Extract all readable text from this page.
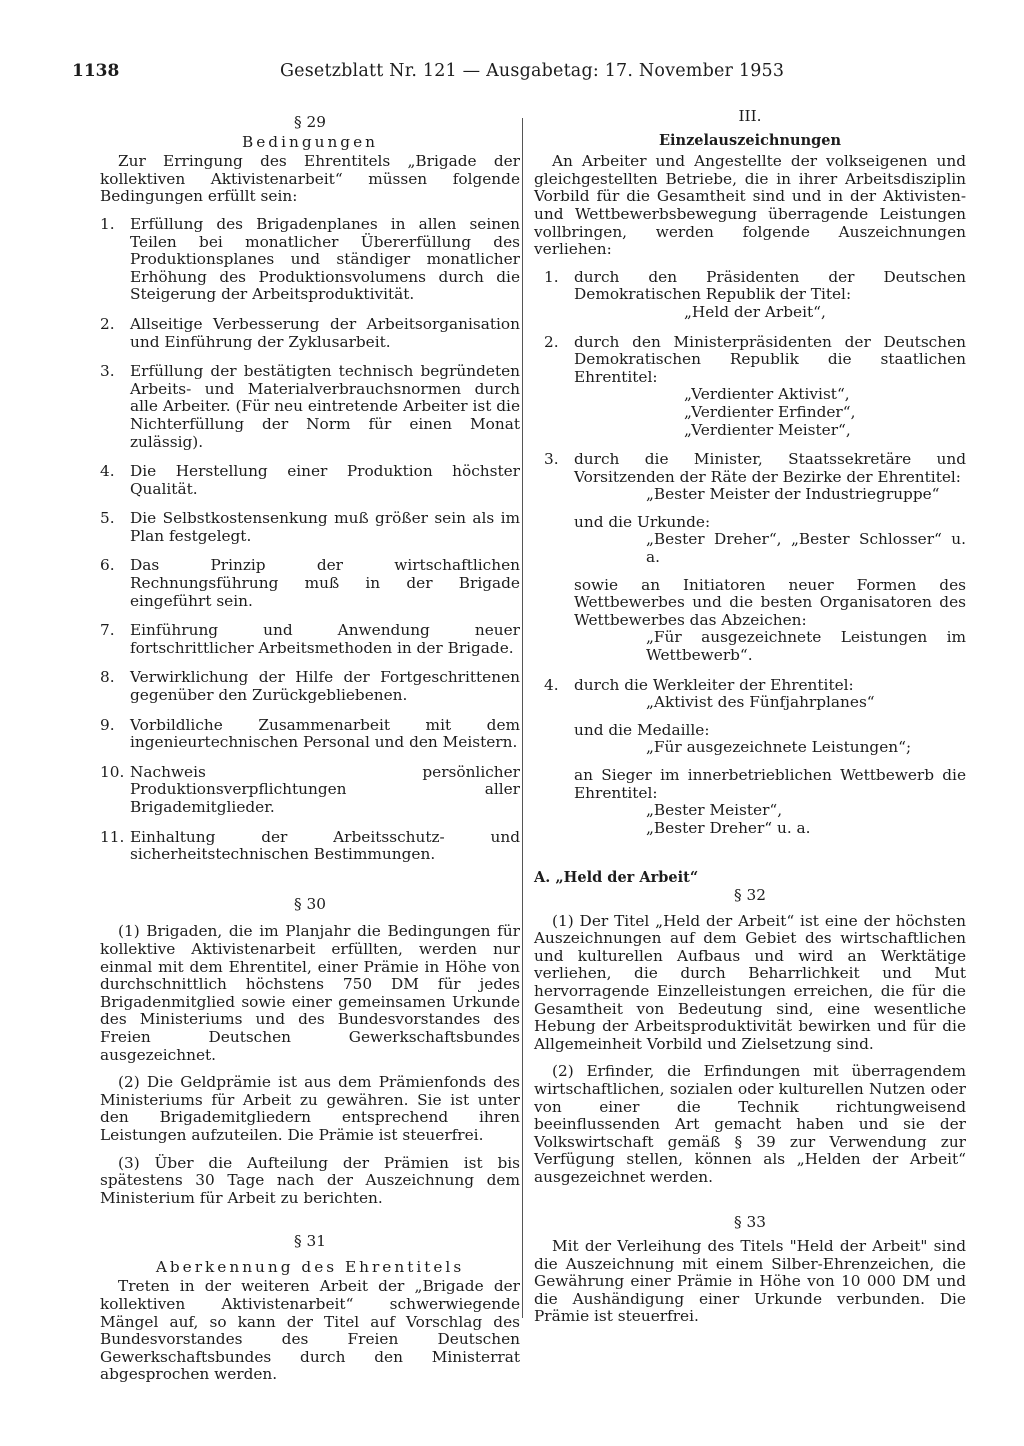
1138	Gesetzblatt Nr. 121 — Ausgabetag: 17. November 1953
§ 29
Bedingungen

Zur Erringung des Ehrentitels „Brigade der kollektiven Aktivistenarbeit“ müssen folgende Bedingungen erfüllt sein:

1. Erfüllung des Brigadenplanes in allen seinen Teilen bei monatlicher Übererfüllung des Produktionsplanes und ständiger monatlicher Erhöhung des Produktionsvolumens durch die Steigerung der Arbeitsproduktivität.
2. Allseitige Verbesserung der Arbeitsorganisation und Einführung der Zyklusarbeit.
3. Erfüllung der bestätigten technisch begründeten Arbeits- und Materialverbrauchsnormen durch alle Arbeiter. (Für neu eintretende Arbeiter ist die Nichterfüllung der Norm für einen Monat zulässig).
4. Die Herstellung einer Produktion höchster Qualität.
5. Die Selbstkostensenkung muß größer sein als im Plan festgelegt.
6. Das Prinzip der wirtschaftlichen Rechnungsführung muß in der Brigade eingeführt sein.
7. Einführung und Anwendung neuer fortschrittlicher Arbeitsmethoden in der Brigade.
8. Verwirklichung der Hilfe der Fortgeschrittenen gegenüber den Zurückgebliebenen.
9. Vorbildliche Zusammenarbeit mit dem ingenieurtechnischen Personal und den Meistern.
10. Nachweis persönlicher Produktionsverpflichtungen aller Brigademitglieder.
11. Einhaltung der Arbeitsschutz- und sicherheitstechnischen Bestimmungen.
§ 30

(1) Brigaden, die im Planjahr die Bedingungen für kollektive Aktivistenarbeit erfüllten, werden nur einmal mit dem Ehrentitel, einer Prämie in Höhe von durchschnittlich höchstens 750 DM für jedes Brigadenmitglied sowie einer gemeinsamen Urkunde des Ministeriums und des Bundesvorstandes des Freien Deutschen Gewerkschaftsbundes ausgezeichnet.

(2) Die Geldprämie ist aus dem Prämienfonds des Ministeriums für Arbeit zu gewähren. Sie ist unter den Brigademitgliedern entsprechend ihren Leistungen aufzuteilen. Die Prämie ist steuerfrei.

(3) Über die Aufteilung der Prämien ist bis spätestens 30 Tage nach der Auszeichnung dem Ministerium für Arbeit zu berichten.

§ 31
Aberkennung des Ehrentitels

Treten in der weiteren Arbeit der „Brigade der kollektiven Aktivistenarbeit“ schwerwiegende Mängel auf, so kann der Titel auf Vorschlag des Bundesvorstandes des Freien Deutschen Gewerkschaftsbundes durch den Ministerrat abgesprochen werden.

III.
Einzelauszeichnungen

An Arbeiter und Angestellte der volkseigenen und gleichgestellten Betriebe, die in ihrer Arbeitsdisziplin Vorbild für die Gesamtheit sind und in der Aktivisten- und Wettbewerbsbewegung überragende Leistungen vollbringen, werden folgende Auszeichnungen verliehen:

1. durch den Präsidenten der Deutschen Demokratischen Republik der Titel:
„Held der Arbeit“,
2. durch den Ministerpräsidenten der Deutschen Demokratischen Republik die staatlichen Ehrentitel:
„Verdienter Aktivist“,
„Verdienter Erfinder“,
„Verdienter Meister“,
3. durch die Minister, Staatssekretäre und Vorsitzenden der Räte der Bezirke der Ehrentitel:
„Bester Meister der Industriegruppe“
und die Urkunde:
„Bester Dreher“, „Bester Schlosser“ u. a.
sowie an Initiatoren neuer Formen des Wettbewerbes und die besten Organisatoren des Wettbewerbes das Abzeichen:
„Für ausgezeichnete Leistungen im Wettbewerb“.
4. durch die Werkleiter der Ehrentitel:
„Aktivist des Fünfjahrplanes“
und die Medaille:
„Für ausgezeichnete Leistungen“;
an Sieger im innerbetrieblichen Wettbewerb die Ehrentitel:
„Bester Meister“,
„Bester Dreher“ u. a.
A. „Held der Arbeit“
§ 32

(1) Der Titel „Held der Arbeit“ ist eine der höchsten Auszeichnungen auf dem Gebiet des wirtschaftlichen und kulturellen Aufbaus und wird an Werktätige verliehen, die durch Beharrlichkeit und Mut hervorragende Einzelleistungen erreichen, die für die Gesamtheit von Bedeutung sind, eine wesentliche Hebung der Arbeitsproduktivität bewirken und für die Allgemeinheit Vorbild und Zielsetzung sind.

(2) Erfinder, die Erfindungen mit überragendem wirtschaftlichen, sozialen oder kulturellen Nutzen oder von einer die Technik richtungweisend beeinflussenden Art gemacht haben und sie der Volkswirtschaft gemäß § 39 zur Verwendung zur Verfügung stellen, können als „Helden der Arbeit“ ausgezeichnet werden.

§ 33

Mit der Verleihung des Titels "Held der Arbeit" sind die Auszeichnung mit einem Silber-Ehrenzeichen, die Gewährung einer Prämie in Höhe von 10 000 DM und die Aushändigung einer Urkunde verbunden. Die Prämie ist steuerfrei.
